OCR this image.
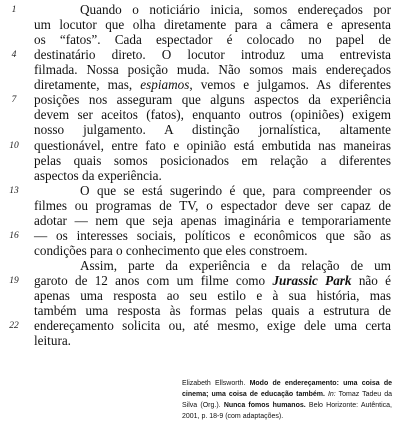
Quando o noticiário inicia, somos endereçados por
um locutor que olha diretamente para a câmera e apresenta
os “fatos”. Cada espectador é colocado no papel de
destinatário direto. O locutor introduz uma entrevista
filmada. Nossa posição muda. Não somos mais endereçados
diretamente, mas, espiamos, vemos e julgamos. As diferentes
posições nos asseguram que alguns aspectos da experiência
devem ser aceitos (fatos), enquanto outros (opiniões) exigem
nosso julgamento. A distinção jornalística, altamente
questionável, entre fato e opinião está embutida nas maneiras
pelas quais somos posicionados em relação a diferentes
aspectos da experiência.
O que se está sugerindo é que, para compreender os
filmes ou programas de TV, o espectador deve ser capaz de
adotar — nem que seja apenas imaginária e temporariamente
— os interesses sociais, políticos e econômicos que são as
condições para o conhecimento que eles constroem.
Assim, parte da experiência e da relação de um
garoto de 12 anos com um filme como Jurassic Park não é
apenas uma resposta ao seu estilo e à sua história, mas
também uma resposta às formas pelas quais a estrutura de
endereçamento solicita ou, até mesmo, exige dele uma certa
leitura.
1
4
7
10
13
16
19
22
Elizabeth Ellsworth. Modo de endereçamento: uma coisa de cinema; uma coisa de educação também. In: Tomaz Tadeu da Silva (Org.). Nunca fomos humanos. Belo Horizonte: Autêntica, 2001, p. 18-9 (com adaptações).
